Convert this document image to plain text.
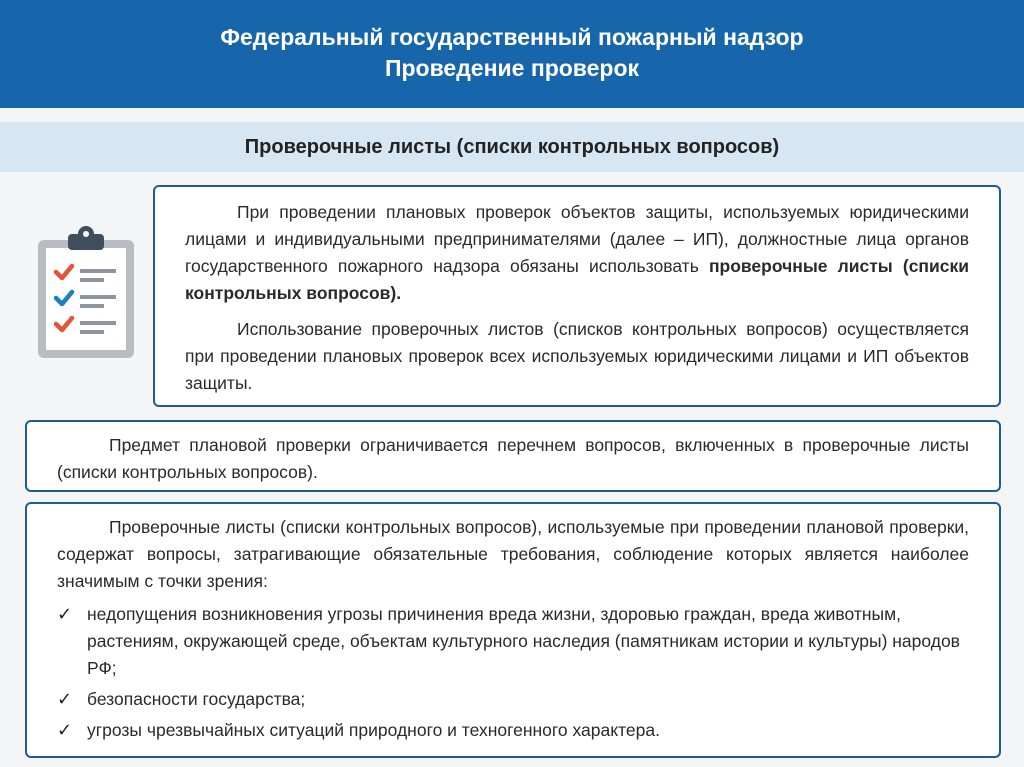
Федеральный государственный пожарный надзор
Проведение проверок
Проверочные листы (списки контрольных вопросов)

При проведении плановых проверок объектов защиты, используемых юридическими лицами и индивидуальными предпринимателями (далее – ИП), должностные лица органов государственного пожарного надзора обязаны использовать проверочные листы (списки контрольных вопросов).

Использование проверочных листов (списков контрольных вопросов) осуществляется при проведении плановых проверок всех используемых юридическими лицами и ИП объектов защиты.

Предмет плановой проверки ограничивается перечнем вопросов, включенных в проверочные листы (списки контрольных вопросов).

Проверочные листы (списки контрольных вопросов), используемые при проведении плановой проверки, содержат вопросы, затрагивающие обязательные требования, соблюдение которых является наиболее значимым с точки зрения:

✓ недопущения возникновения угрозы причинения вреда жизни, здоровью граждан, вреда животным, растениям, окружающей среде, объектам культурного наследия (памятникам истории и культуры) народов РФ;
✓ безопасности государства;
✓ угрозы чрезвычайных ситуаций природного и техногенного характера.
